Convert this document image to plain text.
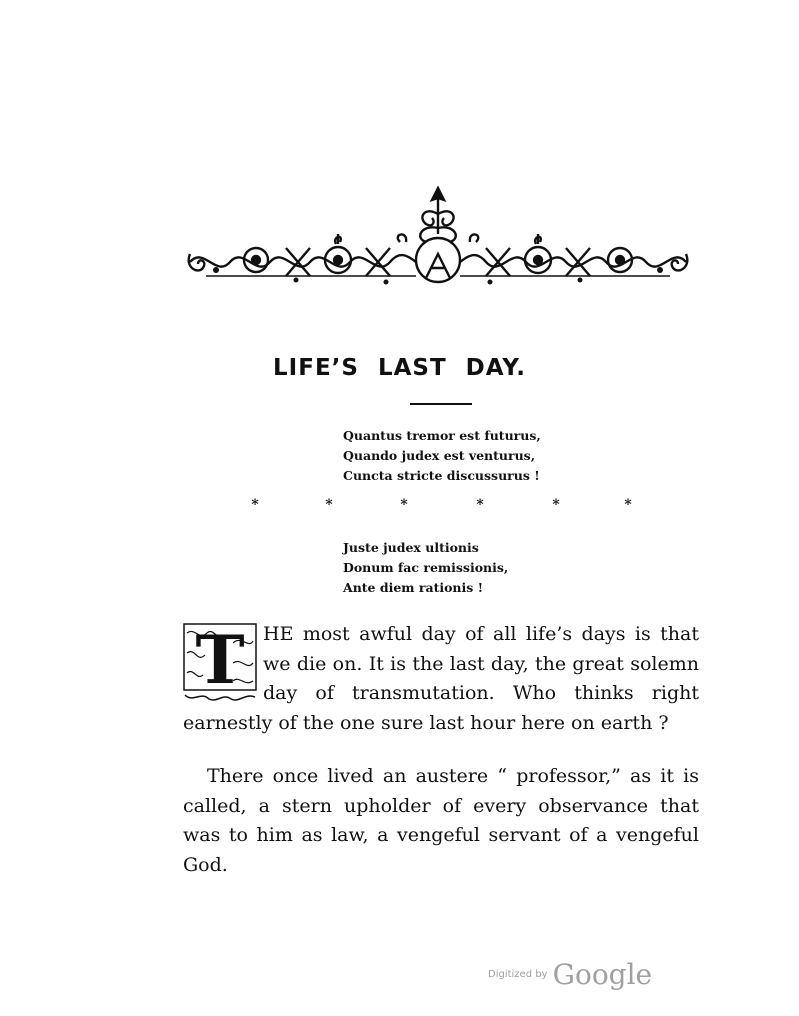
LIFE’S LAST DAY.
Quantus tremor est futurus,
Quando judex est venturus,
Cuncta stricte discussurus !
*	*	*	*	*	*
Juste judex ultionis
Donum fac remissionis,
Ante diem rationis !

T HE most awful day of all life’s days is that we die on. It is the last day, the great solemn day of transmutation. Who thinks right earnestly of the one sure last hour here on earth ?

There once lived an austere “ professor,” as it is called, a stern upholder of every observance that was to him as law, a vengeful servant of a vengeful God.

Digitized by Google
